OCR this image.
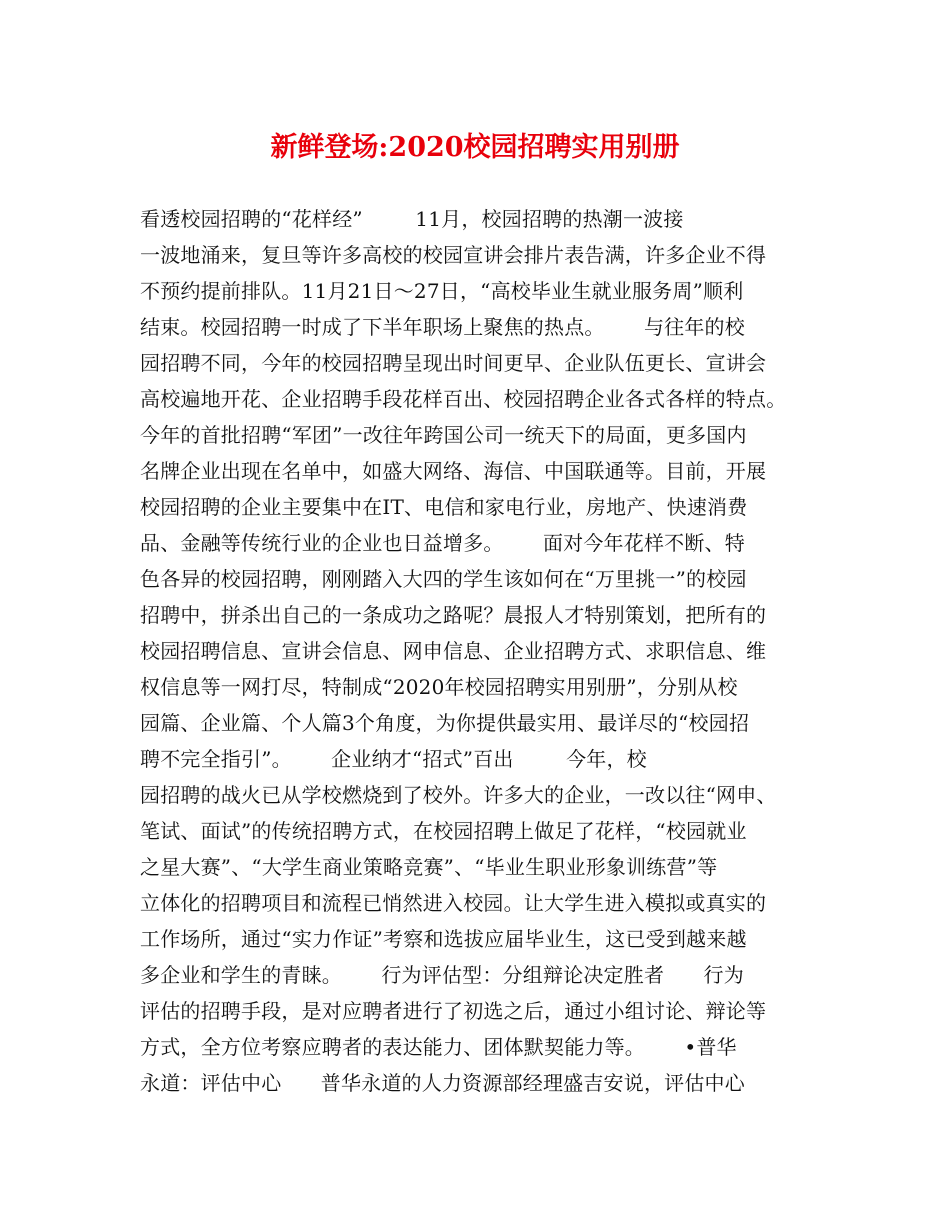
新鲜登场:2020校园招聘实用别册
看透校园招聘的“花样经”        11月，校园招聘的热潮一波接
一波地涌来，复旦等许多高校的校园宣讲会排片表告满，许多企业不得
不预约提前排队。11月21日～27日，“高校毕业生就业服务周”顺利
结束。校园招聘一时成了下半年职场上聚焦的热点。      与往年的校
园招聘不同，今年的校园招聘呈现出时间更早、企业队伍更长、宣讲会
高校遍地开花、企业招聘手段花样百出、校园招聘企业各式各样的特点。
今年的首批招聘“军团”一改往年跨国公司一统天下的局面，更多国内
名牌企业出现在名单中，如盛大网络、海信、中国联通等。目前，开展
校园招聘的企业主要集中在IT、电信和家电行业，房地产、快速消费
品、金融等传统行业的企业也日益增多。      面对今年花样不断、特
色各异的校园招聘，刚刚踏入大四的学生该如何在“万里挑一”的校园
招聘中，拼杀出自己的一条成功之路呢？晨报人才特别策划，把所有的
校园招聘信息、宣讲会信息、网申信息、企业招聘方式、求职信息、维
权信息等一网打尽，特制成“2020年校园招聘实用别册”，分别从校
园篇、企业篇、个人篇3个角度，为你提供最实用、最详尽的“校园招
聘不完全指引”。      企业纳才“招式”百出        今年，校
园招聘的战火已从学校燃烧到了校外。许多大的企业，一改以往“网申、
笔试、面试”的传统招聘方式，在校园招聘上做足了花样，“校园就业
之星大赛”、“大学生商业策略竞赛”、“毕业生职业形象训练营”等
立体化的招聘项目和流程已悄然进入校园。让大学生进入模拟或真实的
工作场所，通过“实力作证”考察和选拔应届毕业生，这已受到越来越
多企业和学生的青睐。      行为评估型：分组辩论决定胜者      行为
评估的招聘手段，是对应聘者进行了初选之后，通过小组讨论、辩论等
方式，全方位考察应聘者的表达能力、团体默契能力等。      •普华
永道：评估中心      普华永道的人力资源部经理盛吉安说，评估中心
